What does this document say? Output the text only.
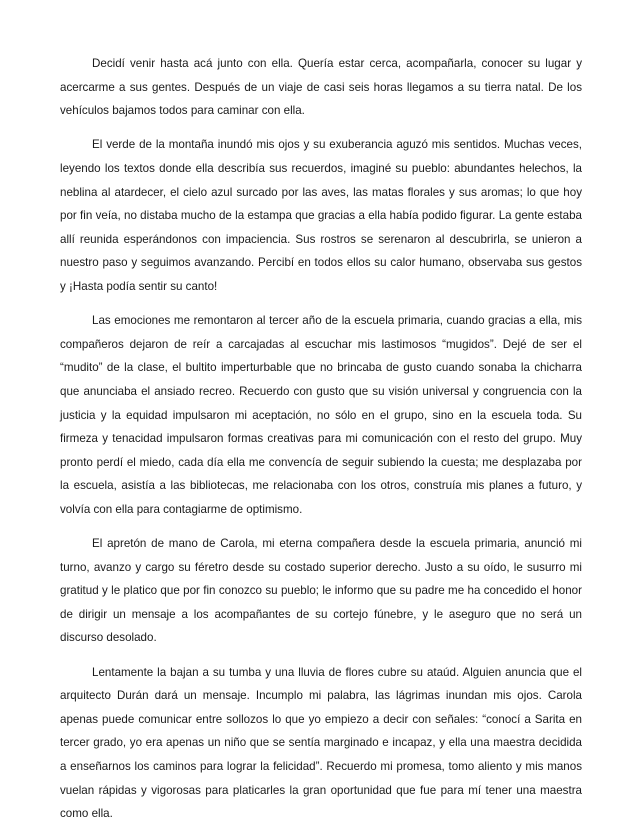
Decidí venir hasta acá junto con ella. Quería estar cerca, acompañarla, conocer su lugar y acercarme a sus gentes. Después de un viaje de casi seis horas llegamos a su tierra natal. De los vehículos bajamos todos para caminar con ella.

El verde de la montaña inundó mis ojos y su exuberancia aguzó mis sentidos. Muchas veces, leyendo los textos donde ella describía sus recuerdos, imaginé su pueblo: abundantes helechos, la neblina al atardecer, el cielo azul surcado por las aves, las matas florales y sus aromas; lo que hoy por fin veía, no distaba mucho de la estampa que gracias a ella había podido figurar. La gente estaba allí reunida esperándonos con impaciencia. Sus rostros se serenaron al descubrirla, se unieron a nuestro paso y seguimos avanzando. Percibí en todos ellos su calor humano, observaba sus gestos y ¡Hasta podía sentir su canto!

Las emociones me remontaron al tercer año de la escuela primaria, cuando gracias a ella, mis compañeros dejaron de reír a carcajadas al escuchar mis lastimosos “mugidos”. Dejé de ser el “mudito” de la clase, el bultito imperturbable que no brincaba de gusto cuando sonaba la chicharra que anunciaba el ansiado recreo. Recuerdo con gusto que su visión universal y congruencia con la justicia y la equidad impulsaron mi aceptación, no sólo en el grupo, sino en la escuela toda. Su firmeza y tenacidad impulsaron formas creativas para mi comunicación con el resto del grupo. Muy pronto perdí el miedo, cada día ella me convencía de seguir subiendo la cuesta; me desplazaba por la escuela, asistía a las bibliotecas, me relacionaba con los otros, construía mis planes a futuro, y volvía con ella para contagiarme de optimismo.

El apretón de mano de Carola, mi eterna compañera desde la escuela primaria, anunció mi turno, avanzo y cargo su féretro desde su costado superior derecho. Justo a su oído, le susurro mi gratitud y le platico que por fin conozco su pueblo; le informo que su padre me ha concedido el honor de dirigir un mensaje a los acompañantes de su cortejo fúnebre, y le aseguro que no será un discurso desolado.

Lentamente la bajan a su tumba y una lluvia de flores cubre su ataúd. Alguien anuncia que el arquitecto Durán dará un mensaje. Incumplo mi palabra, las lágrimas inundan mis ojos. Carola apenas puede comunicar entre sollozos lo que yo empiezo a decir con señales: “conocí a Sarita en tercer grado, yo era apenas un niño que se sentía marginado e incapaz, y ella una maestra decidida a enseñarnos los caminos para lograr la felicidad”. Recuerdo mi promesa, tomo aliento y mis manos vuelan rápidas y vigorosas para platicarles la gran oportunidad que fue para mí tener una maestra como ella.
